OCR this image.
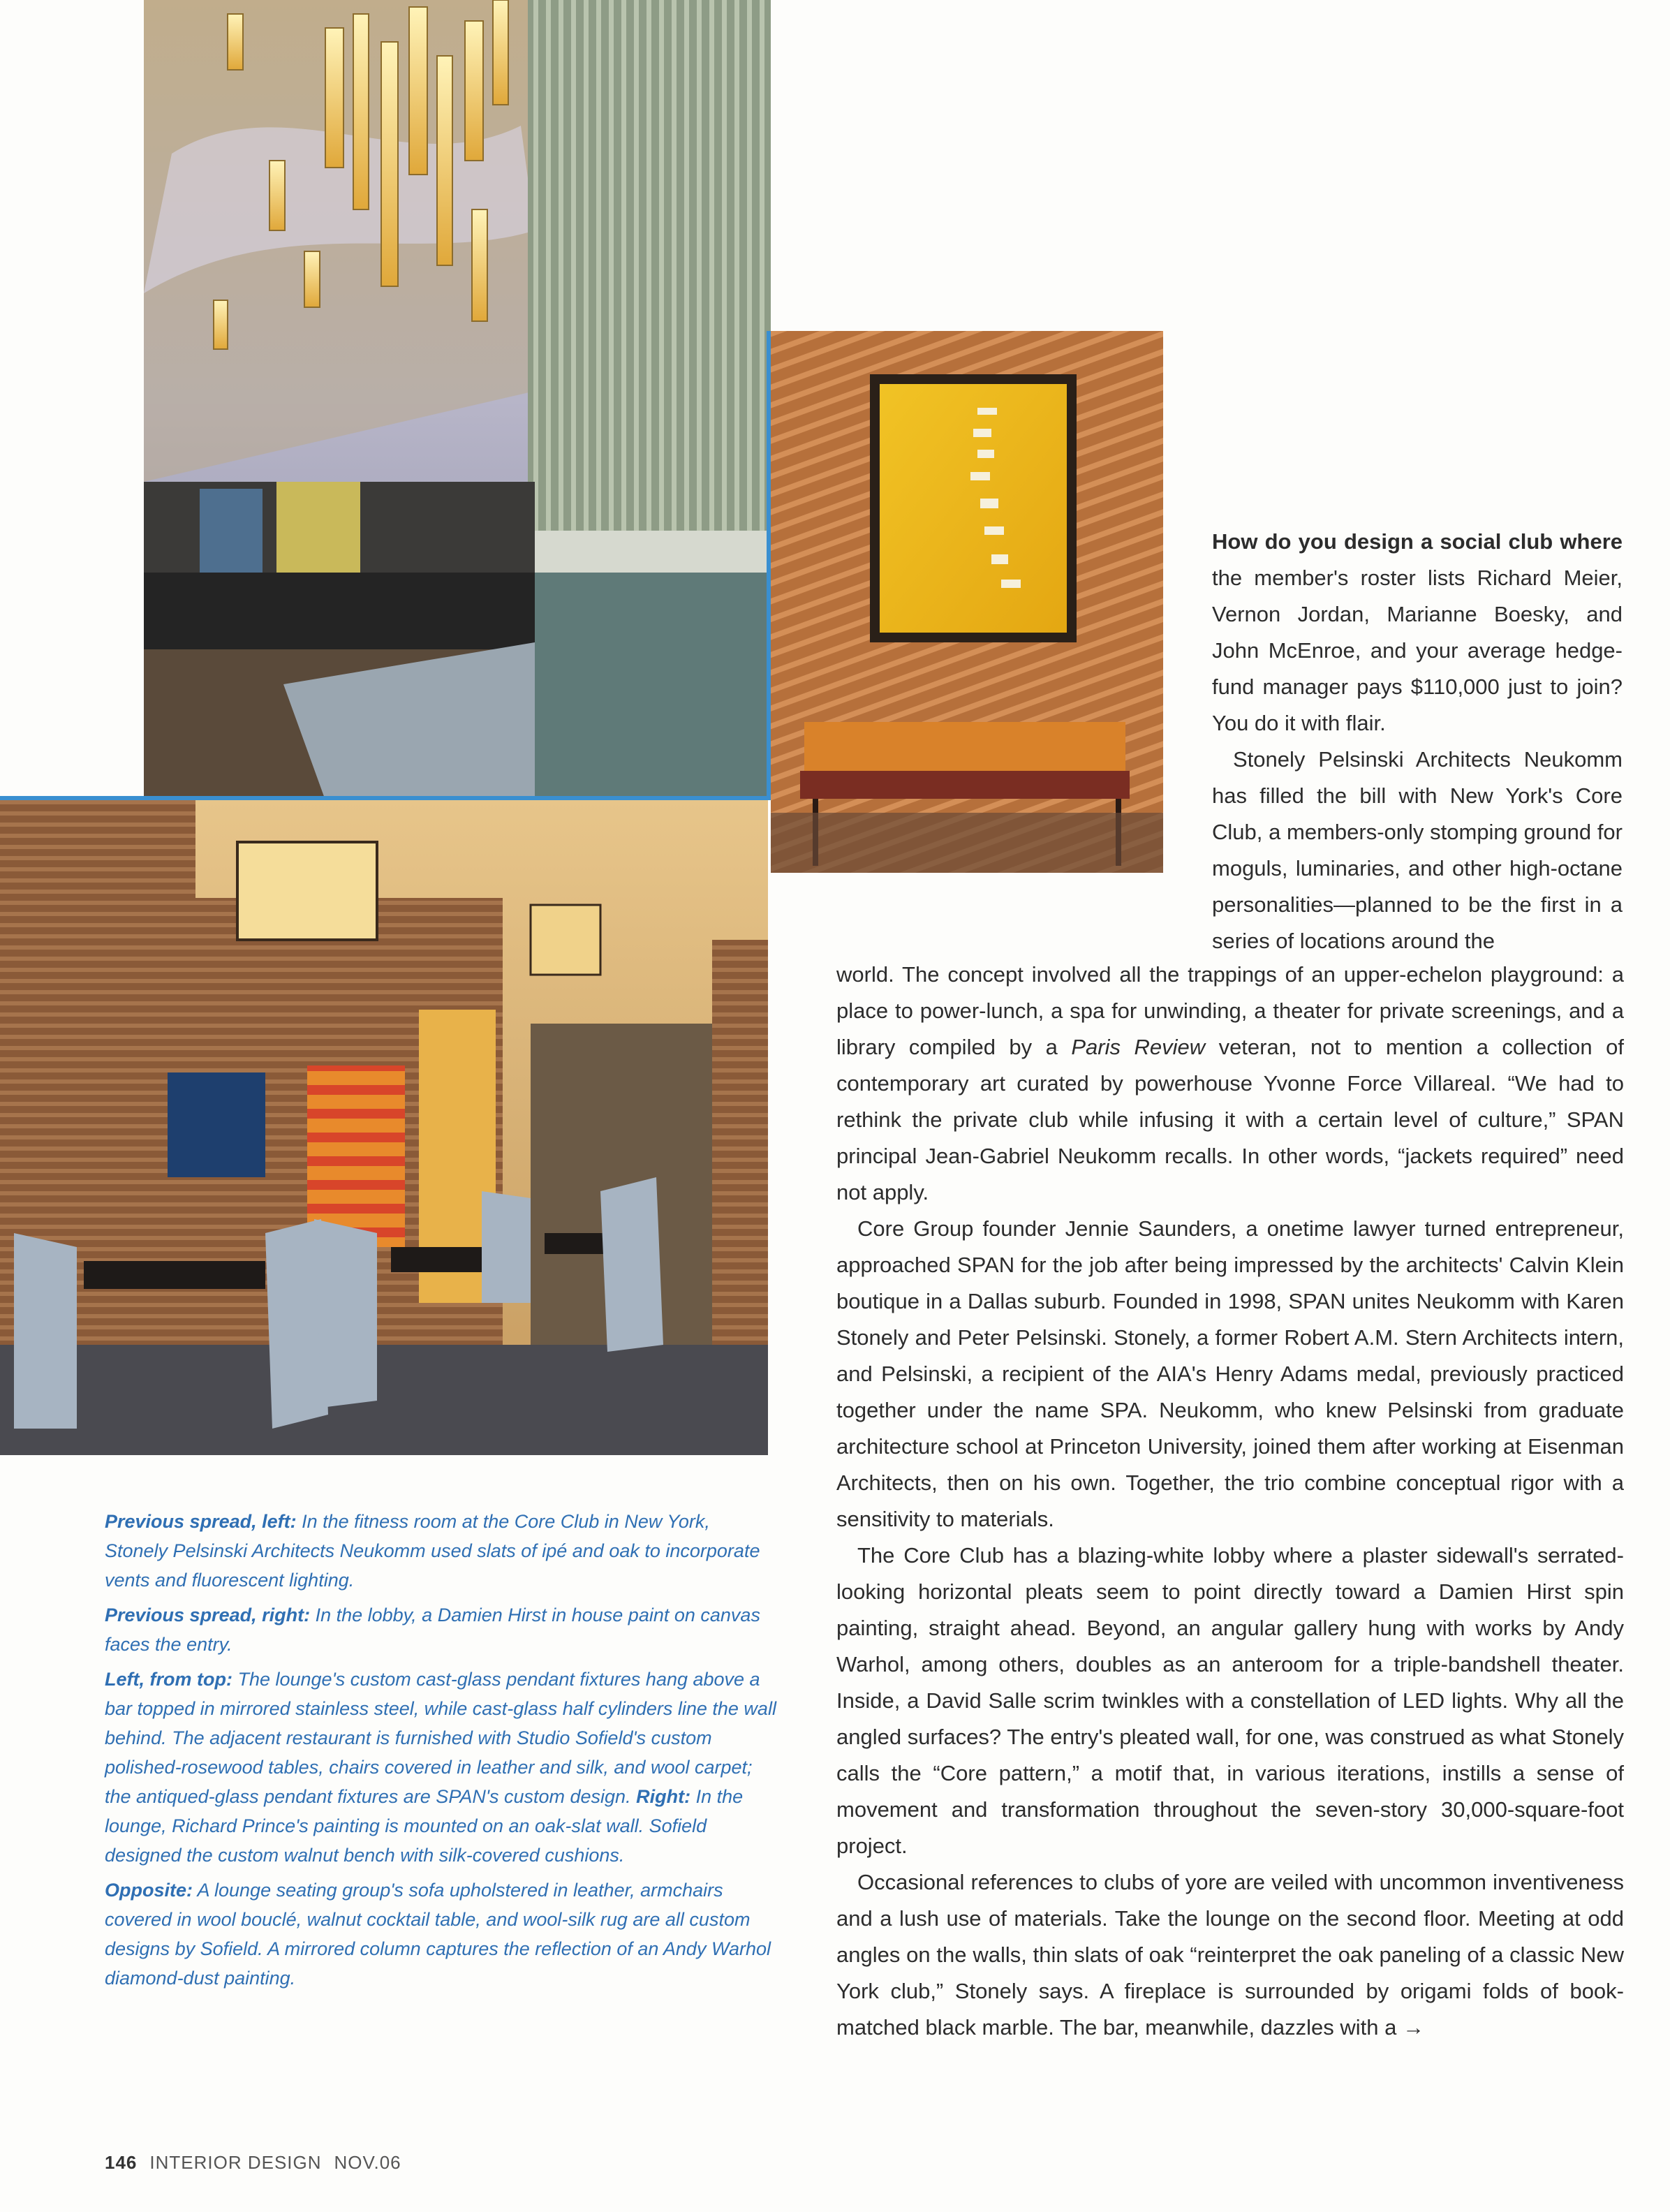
Previous spread, left: In the fitness room at the Core Club in New York, Stonely Pelsinski Architects Neukomm used slats of ipé and oak to incorporate vents and fluorescent lighting.

Previous spread, right: In the lobby, a Damien Hirst in house paint on canvas faces the entry.

Left, from top: The lounge's custom cast-glass pendant fixtures hang above a bar topped in mirrored stainless steel, while cast-glass half cylinders line the wall behind. The adjacent restaurant is furnished with Studio Sofield's custom polished-rosewood tables, chairs covered in leather and silk, and wool carpet; the antiqued-glass pendant fixtures are SPAN's custom design. Right: In the lounge, Richard Prince's painting is mounted on an oak-slat wall. Sofield designed the custom walnut bench with silk-covered cushions.

Opposite: A lounge seating group's sofa upholstered in leather, armchairs covered in wool bouclé, walnut cocktail table, and wool-silk rug are all custom designs by Sofield. A mirrored column captures the reflection of an Andy Warhol diamond-dust painting.

How do you design a social club where the member's roster lists Richard Meier, Vernon Jordan, Marianne Boesky, and John McEnroe, and your average hedge-fund manager pays $110,000 just to join? You do it with flair.

Stonely Pelsinski Architects Neukomm has filled the bill with New York's Core Club, a members-only stomping ground for moguls, luminaries, and other high-octane personalities—planned to be the first in a series of locations around the

world. The concept involved all the trappings of an upper-echelon playground: a place to power-lunch, a spa for unwinding, a theater for private screenings, and a library compiled by a Paris Review veteran, not to mention a collection of contemporary art curated by powerhouse Yvonne Force Villareal. “We had to rethink the private club while infusing it with a certain level of culture,” SPAN principal Jean-Gabriel Neukomm recalls. In other words, “jackets required” need not apply.

Core Group founder Jennie Saunders, a onetime lawyer turned entrepreneur, approached SPAN for the job after being impressed by the architects' Calvin Klein boutique in a Dallas suburb. Founded in 1998, SPAN unites Neukomm with Karen Stonely and Peter Pelsinski. Stonely, a former Robert A.M. Stern Architects intern, and Pelsinski, a recipient of the AIA's Henry Adams medal, previously practiced together under the name SPA. Neukomm, who knew Pelsinski from graduate architecture school at Princeton University, joined them after working at Eisenman Architects, then on his own. Together, the trio combine conceptual rigor with a sensitivity to materials.

The Core Club has a blazing-white lobby where a plaster sidewall's serrated-looking horizontal pleats seem to point directly toward a Damien Hirst spin painting, straight ahead. Beyond, an angular gallery hung with works by Andy Warhol, among others, doubles as an anteroom for a triple-bandshell theater. Inside, a David Salle scrim twinkles with a constellation of LED lights. Why all the angled surfaces? The entry's pleated wall, for one, was construed as what Stonely calls the “Core pattern,” a motif that, in various iterations, instills a sense of movement and transformation throughout the seven-story 30,000-square-foot project.

Occasional references to clubs of yore are veiled with uncommon inventiveness and a lush use of materials. Take the lounge on the second floor. Meeting at odd angles on the walls, thin slats of oak “reinterpret the oak paneling of a classic New York club,” Stonely says. A fireplace is surrounded by origami folds of book-matched black marble. The bar, meanwhile, dazzles with a →

146 INTERIOR DESIGN NOV.06
